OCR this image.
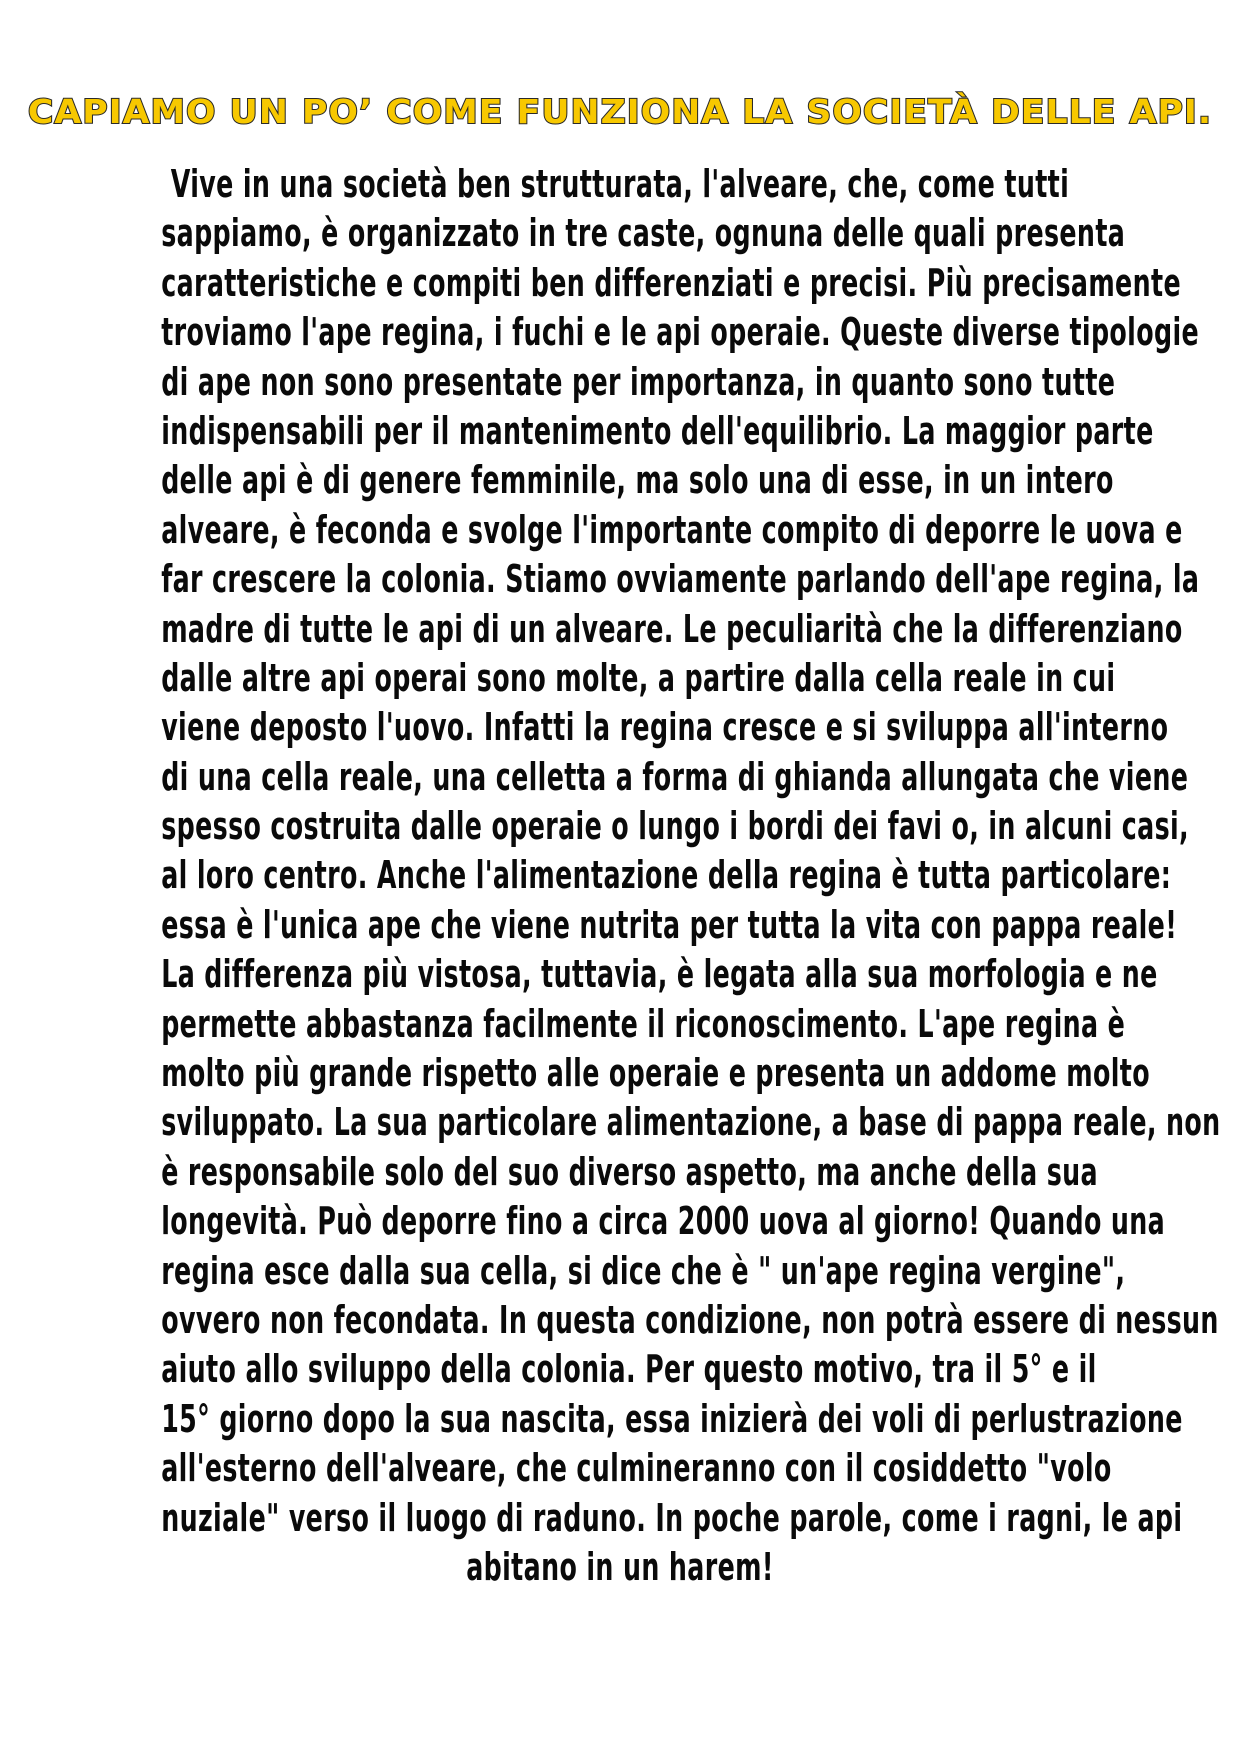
CAPIAMO UN PO’ COME FUNZIONA LA SOCIETÀ DELLE API.
Vive in una società ben strutturata, l'alveare, che, come tutti
sappiamo, è organizzato in tre caste, ognuna delle quali presenta
caratteristiche e compiti ben differenziati e precisi. Più precisamente
troviamo l'ape regina, i fuchi e le api operaie. Queste diverse tipologie
di ape non sono presentate per importanza, in quanto sono tutte
indispensabili per il mantenimento dell'equilibrio. La maggior parte
delle api è di genere femminile, ma solo una di esse, in un intero
alveare, è feconda e svolge l'importante compito di deporre le uova e
far crescere la colonia. Stiamo ovviamente parlando dell'ape regina, la
madre di tutte le api di un alveare. Le peculiarità che la differenziano
dalle altre api operai sono molte, a partire dalla cella reale in cui
viene deposto l'uovo. Infatti la regina cresce e si sviluppa all'interno
di una cella reale, una celletta a forma di ghianda allungata che viene
spesso costruita dalle operaie o lungo i bordi dei favi o, in alcuni casi,
al loro centro. Anche l'alimentazione della regina è tutta particolare:
essa è l'unica ape che viene nutrita per tutta la vita con pappa reale!
La differenza più vistosa, tuttavia, è legata alla sua morfologia e ne
permette abbastanza facilmente il riconoscimento. L'ape regina è
molto più grande rispetto alle operaie e presenta un addome molto
sviluppato. La sua particolare alimentazione, a base di pappa reale, non
è responsabile solo del suo diverso aspetto, ma anche della sua
longevità. Può deporre fino a circa 2000 uova al giorno! Quando una
regina esce dalla sua cella, si dice che è " un'ape regina vergine",
ovvero non fecondata. In questa condizione, non potrà essere di nessun
aiuto allo sviluppo della colonia. Per questo motivo, tra il 5° e il
15° giorno dopo la sua nascita, essa inizierà dei voli di perlustrazione
all'esterno dell'alveare, che culmineranno con il cosiddetto "volo
nuziale" verso il luogo di raduno. In poche parole, come i ragni, le api
abitano in un harem!
